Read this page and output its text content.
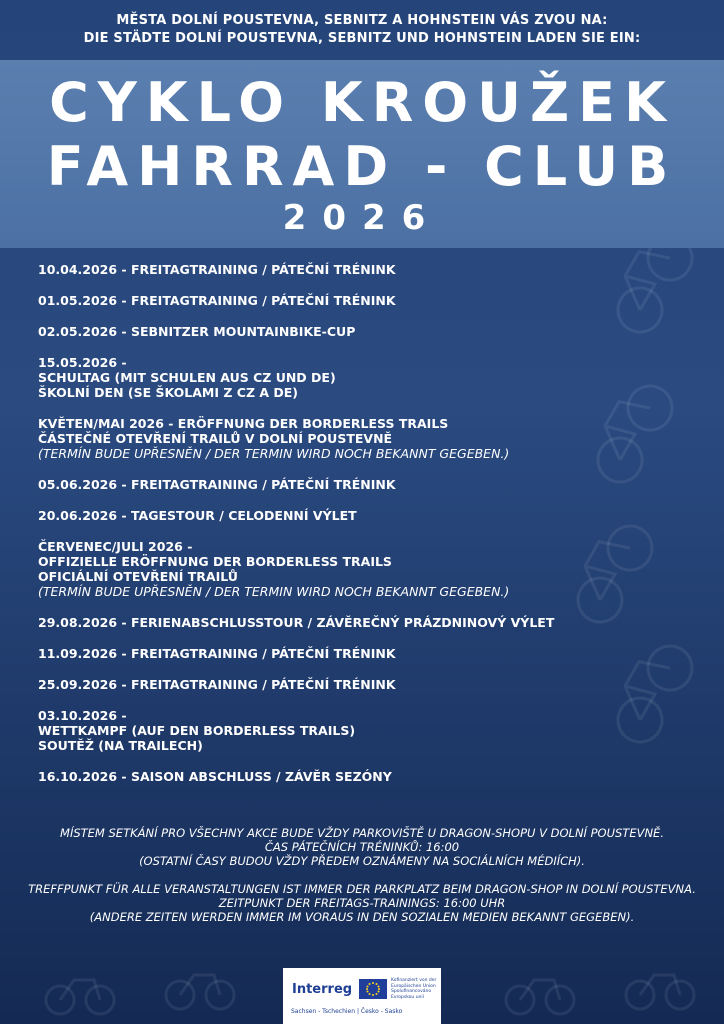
MĚSTA DOLNÍ POUSTEVNA, SEBNITZ A HOHNSTEIN VÁS ZVOU NA:
DIE STÄDTE DOLNÍ POUSTEVNA, SEBNITZ UND HOHNSTEIN LADEN SIE EIN:
CYKLO KROUŽEK
FAHRRAD - CLUB
2026
10.04.2026 - FREITAGTRAINING / PÁTEČNÍ TRÉNINK
01.05.2026 - FREITAGTRAINING / PÁTEČNÍ TRÉNINK
02.05.2026 - SEBNITZER MOUNTAINBIKE-CUP
15.05.2026 -
SCHULTAG (MIT SCHULEN AUS CZ UND DE)
ŠKOLNÍ DEN (SE ŠKOLAMI Z CZ A DE)
KVĚTEN/MAI 2026 - ERÖFFNUNG DER BORDERLESS TRAILS
ČÁSTEČNÉ OTEVŘENÍ TRAILŮ V DOLNÍ POUSTEVNĚ
(TERMÍN BUDE UPŘESNĚN / DER TERMIN WIRD NOCH BEKANNT GEGEBEN.)
05.06.2026 - FREITAGTRAINING / PÁTEČNÍ TRÉNINK
20.06.2026 - TAGESTOUR / CELODENNÍ VÝLET
ČERVENEC/JULI 2026 -
OFFIZIELLE ERÖFFNUNG DER BORDERLESS TRAILS
OFICIÁLNÍ OTEVŘENÍ TRAILŮ
(TERMÍN BUDE UPŘESNĚN / DER TERMIN WIRD NOCH BEKANNT GEGEBEN.)
29.08.2026 - FERIENABSCHLUSSTOUR / ZÁVĚREČNÝ PRÁZDNINOVÝ VÝLET
11.09.2026 - FREITAGTRAINING / PÁTEČNÍ TRÉNINK
25.09.2026 - FREITAGTRAINING / PÁTEČNÍ TRÉNINK
03.10.2026 -
WETTKAMPF (AUF DEN BORDERLESS TRAILS)
SOUTĚŽ (NA TRAILECH)
16.10.2026 - SAISON ABSCHLUSS / ZÁVĚR SEZÓNY

MÍSTEM SETKÁNÍ PRO VŠECHNY AKCE BUDE VŽDY PARKOVIŠTĚ U DRAGON-SHOPU V DOLNÍ POUSTEVNĚ.
ČAS PÁTEČNÍCH TRÉNINKŮ: 16:00
(OSTATNÍ ČASY BUDOU VŽDY PŘEDEM OZNÁMENY NA SOCIÁLNÍCH MÉDIÍCH).

TREFFPUNKT FÜR ALLE VERANSTALTUNGEN IST IMMER DER PARKPLATZ BEIM DRAGON-SHOP IN DOLNÍ POUSTEVNA.
ZEITPUNKT DER FREITAGS-TRAININGS: 16:00 UHR
(ANDERE ZEITEN WERDEN IMMER IM VORAUS IN DEN SOZIALEN MEDIEN BEKANNT GEGEBEN).

Interreg
Kofinanziert von der Europäischen Union Spolufinancováno Evropskou unií
Sachsen - Tschechien | Česko - Sasko
